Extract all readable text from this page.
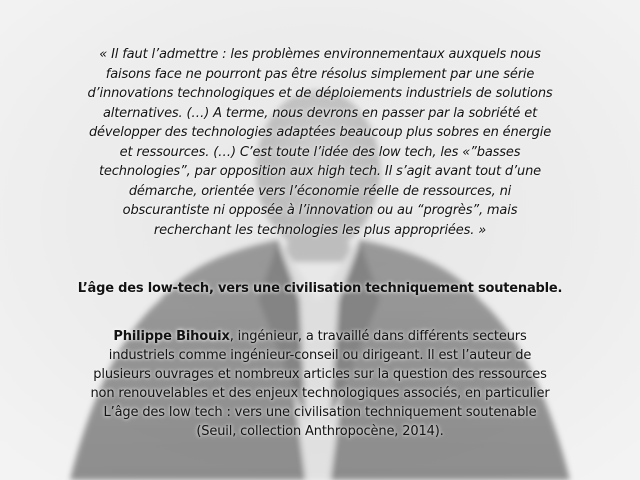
« Il faut l’admettre : les problèmes environnementaux auxquels nous faisons face ne pourront pas être résolus simplement par une série d’innovations technologiques et de déploiements industriels de solutions alternatives. (…) A terme, nous devrons en passer par la sobriété et développer des technologies adaptées beaucoup plus sobres en énergie et ressources. (…) C’est toute l’idée des low tech, les «”basses technologies”, par opposition aux high tech. Il s’agit avant tout d’une démarche, orientée vers l’économie réelle de ressources, ni obscurantiste ni opposée à l’innovation ou au “progrès”, mais recherchant les technologies les plus appropriées. »

L’âge des low-tech, vers une civilisation techniquement soutenable.

Philippe Bihouix, ingénieur, a travaillé dans différents secteurs industriels comme ingénieur-conseil ou dirigeant. Il est l’auteur de plusieurs ouvrages et nombreux articles sur la question des ressources non renouvelables et des enjeux technologiques associés, en particulier L’âge des low tech : vers une civilisation techniquement soutenable (Seuil, collection Anthropocène, 2014).
